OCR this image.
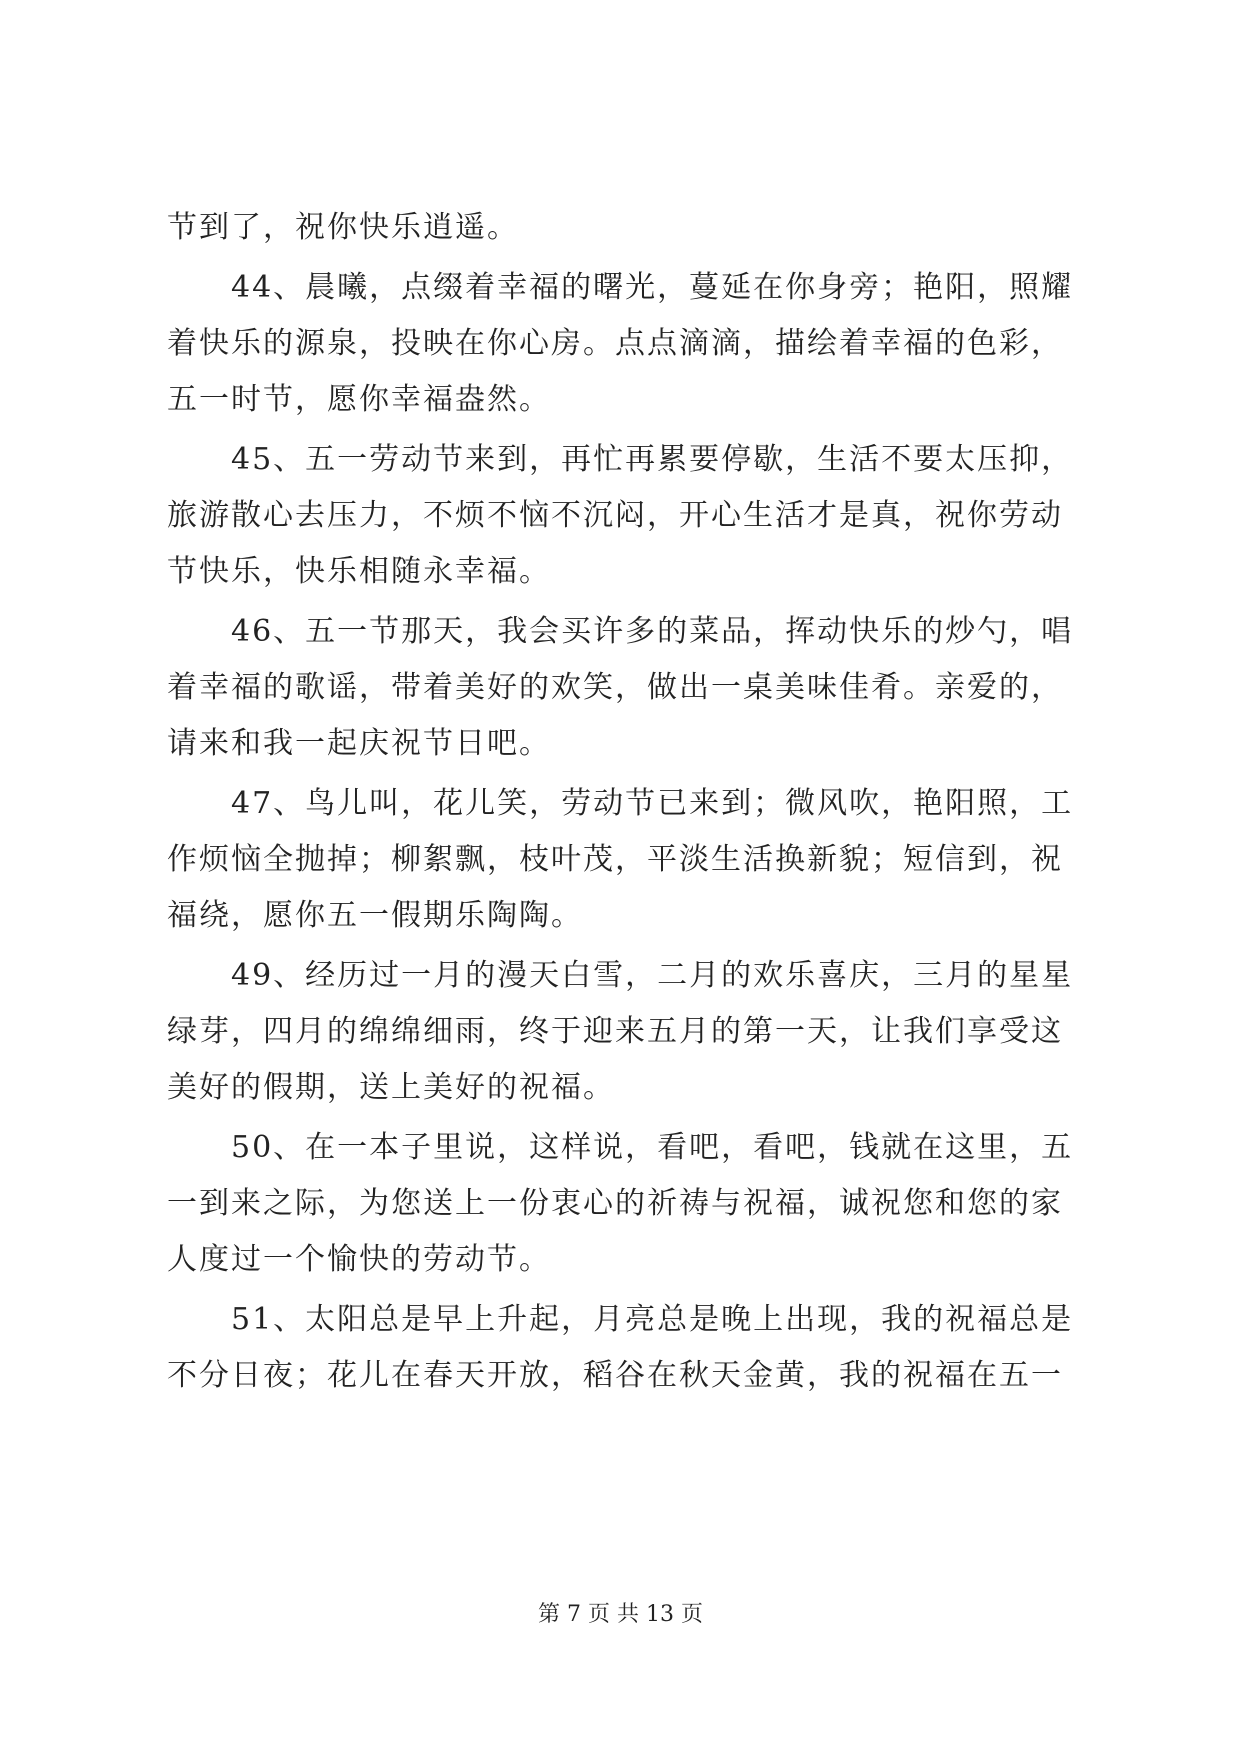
节到了，祝你快乐逍遥。

　　44、晨曦，点缀着幸福的曙光，蔓延在你身旁；艳阳，照耀

着快乐的源泉，投映在你心房。点点滴滴，描绘着幸福的色彩，

五一时节，愿你幸福盎然。

　　45、五一劳动节来到，再忙再累要停歇，生活不要太压抑，

旅游散心去压力，不烦不恼不沉闷，开心生活才是真，祝你劳动

节快乐，快乐相随永幸福。

　　46、五一节那天，我会买许多的菜品，挥动快乐的炒勺，唱

着幸福的歌谣，带着美好的欢笑，做出一桌美味佳肴。亲爱的，

请来和我一起庆祝节日吧。

　　47、鸟儿叫，花儿笑，劳动节已来到；微风吹，艳阳照，工

作烦恼全抛掉；柳絮飘，枝叶茂，平淡生活换新貌；短信到，祝

福绕，愿你五一假期乐陶陶。

　　49、经历过一月的漫天白雪，二月的欢乐喜庆，三月的星星

绿芽，四月的绵绵细雨，终于迎来五月的第一天，让我们享受这

美好的假期，送上美好的祝福。

　　50、在一本子里说，这样说，看吧，看吧，钱就在这里，五

一到来之际，为您送上一份衷心的祈祷与祝福，诚祝您和您的家

人度过一个愉快的劳动节。

　　51、太阳总是早上升起，月亮总是晚上出现，我的祝福总是

不分日夜；花儿在春天开放，稻谷在秋天金黄，我的祝福在五一

第 7 页 共 13 页
